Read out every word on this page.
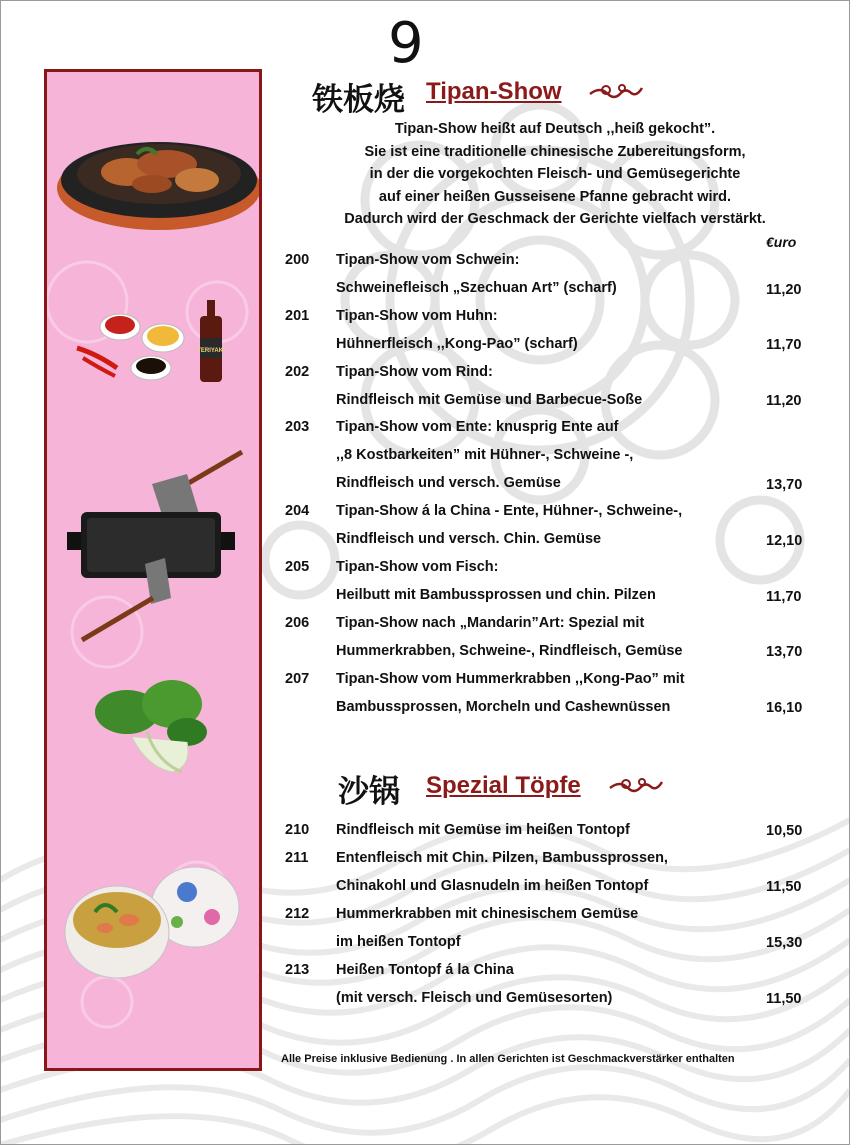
9
TERIYAKI
铁板烧 Tipan-Show
Tipan-Show heißt auf Deutsch ,,heiß gekocht”.
Sie ist eine traditionelle chinesische Zubereitungsform,
in der die vorgekochten Fleisch- und Gemüsegerichte
auf einer heißen Gusseisene Pfanne gebracht wird.
Dadurch wird der Geschmack der Gerichte vielfach verstärkt.
€uro
200 Tipan-Show vom Schwein:
Schweinefleisch „Szechuan Art” (scharf)	11,20
201 Tipan-Show vom Huhn:
Hühnerfleisch ,,Kong-Pao” (scharf)	11,70
202 Tipan-Show vom Rind:
Rindfleisch mit Gemüse und Barbecue-Soße	11,20
203 Tipan-Show vom Ente: knusprig Ente auf
,,8 Kostbarkeiten” mit Hühner-, Schweine -,
Rindfleisch und versch. Gemüse	13,70
204 Tipan-Show á la China - Ente, Hühner-, Schweine-,
Rindfleisch und versch. Chin. Gemüse	12,10
205 Tipan-Show vom Fisch:
Heilbutt mit Bambussprossen und chin. Pilzen	11,70
206 Tipan-Show nach „Mandarin”Art: Spezial mit
Hummerkrabben, Schweine-, Rindfleisch, Gemüse	13,70
207 Tipan-Show vom Hummerkrabben ,,Kong-Pao” mit
Bambussprossen, Morcheln und Cashewnüssen	16,10
沙锅 Spezial Töpfe
210 Rindfleisch mit Gemüse im heißen Tontopf	10,50
211 Entenfleisch mit Chin. Pilzen, Bambussprossen,
Chinakohl und Glasnudeln im heißen Tontopf	11,50
212 Hummerkrabben mit chinesischem Gemüse
im heißen Tontopf	15,30
213 Heißen Tontopf á la China
(mit versch. Fleisch und Gemüsesorten)	11,50
Alle Preise inklusive Bedienung . In allen Gerichten ist Geschmackverstärker enthalten
